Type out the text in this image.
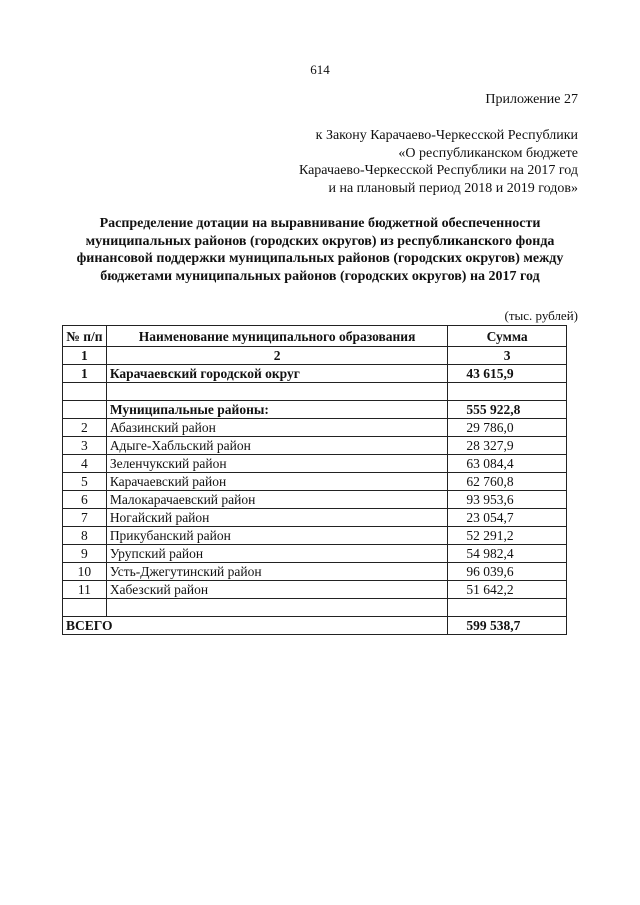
614
Приложение 27
к Закону Карачаево-Черкесской Республики
«О республиканском бюджете
Карачаево-Черкесской Республики на 2017 год
и на плановый период 2018 и 2019 годов»
Распределение дотации на выравнивание бюджетной обеспеченности
муниципальных районов (городских округов) из республиканского фонда
финансовой поддержки муниципальных районов (городских округов) между
бюджетами муниципальных районов (городских округов) на 2017 год
(тыс. рублей)
№ п/п	Наименование муниципального образования	Сумма
1	2	3
1	Карачаевский городской округ	43 615,9

	Муниципальные районы:	555 922,8
2	Абазинский район	29 786,0
3	Адыге-Хабльский район	28 327,9
4	Зеленчукский район	63 084,4
5	Карачаевский район	62 760,8
6	Малокарачаевский район	93 953,6
7	Ногайский район	23 054,7
8	Прикубанский район	52 291,2
9	Урупский район	54 982,4
10	Усть-Джегутинский район	96 039,6
11	Хабезский район	51 642,2

ВСЕГО		599 538,7
